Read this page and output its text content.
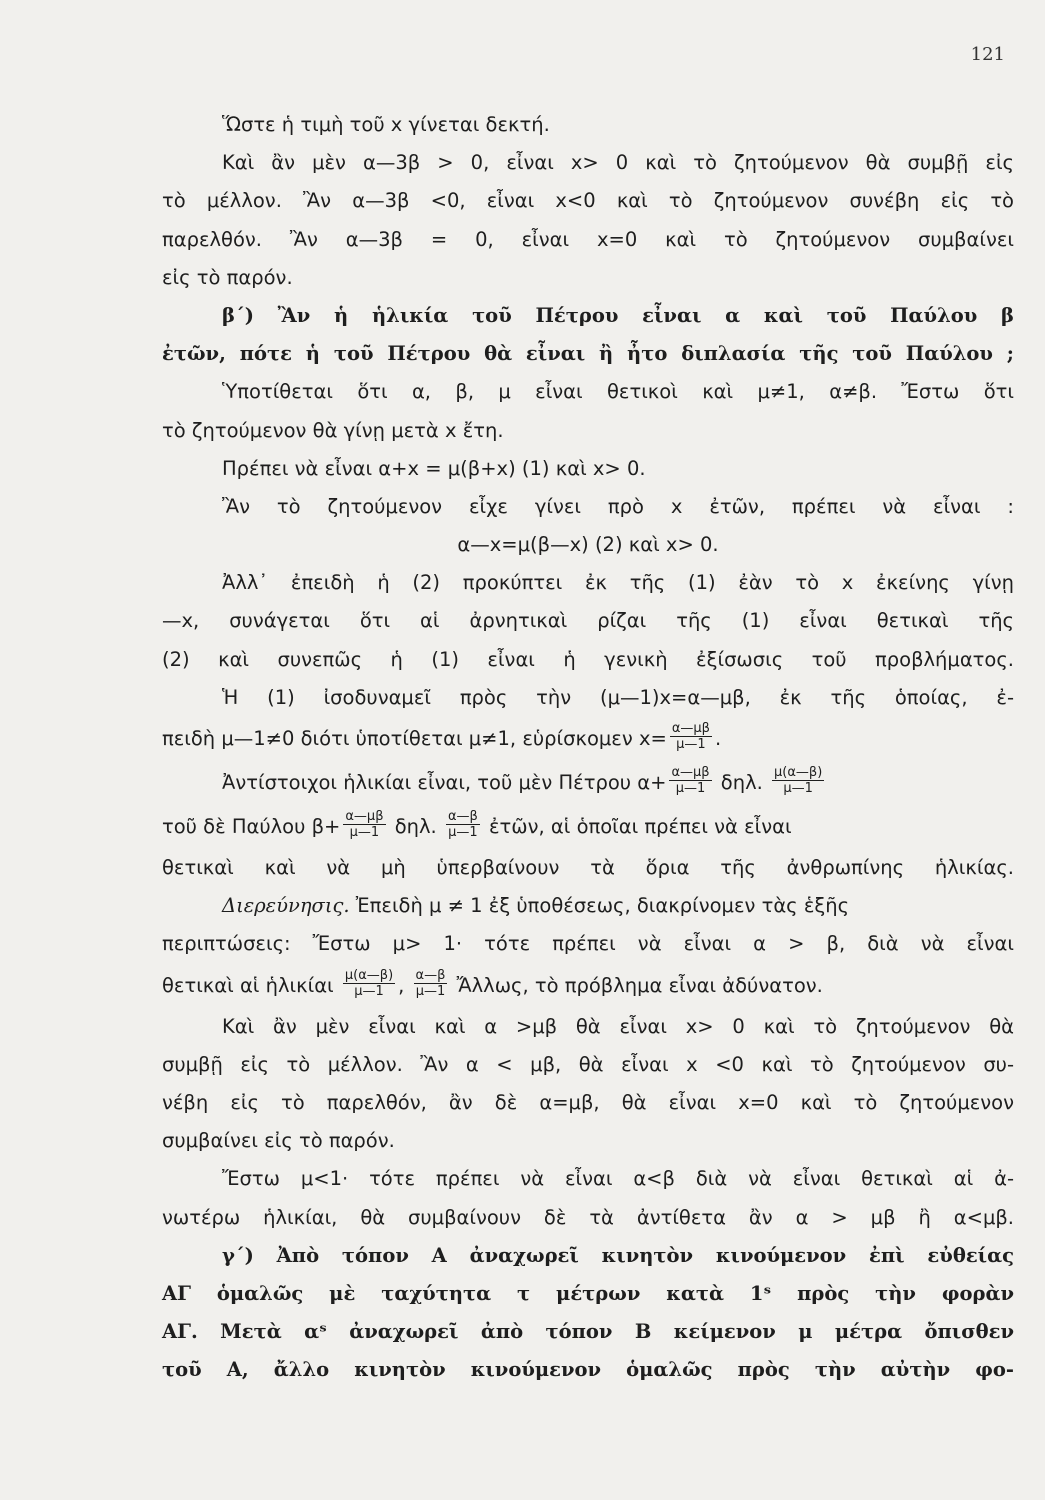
121
Ὥστε ἡ τιμὴ τοῦ x γίνεται δεκτή.
Καὶ ἂν μὲν α—3β > 0, εἶναι x> 0 καὶ τὸ ζητούμενον θὰ συμβῇ εἰς
τὸ μέλλον. Ἂν α—3β <0, εἶναι x<0 καὶ τὸ ζητούμενον συνέβη εἰς τὸ
παρελθόν. Ἂν α—3β = 0, εἶναι x=0 καὶ τὸ ζητούμενον συμβαίνει
εἰς τὸ παρόν.
β΄) Ἂν ἡ ἡλικία τοῦ Πέτρου εἶναι α καὶ τοῦ Παύλου β
ἐτῶν, πότε ἡ τοῦ Πέτρου θὰ εἶναι ἢ ἦτο διπλασία τῆς τοῦ Παύλου ;
Ὑποτίθεται ὅτι α, β, μ εἶναι θετικοὶ καὶ μ≠1, α≠β. Ἔστω ὅτι
τὸ ζητούμενον θὰ γίνῃ μετὰ x ἔτη.
Πρέπει νὰ εἶναι α+x = μ(β+x) (1) καὶ x> 0.
Ἂν τὸ ζητούμενον εἶχε γίνει πρὸ x ἐτῶν, πρέπει νὰ εἶναι :
α—x=μ(β—x) (2) καὶ x> 0.
Ἀλλ᾽ ἐπειδὴ ἡ (2) προκύπτει ἐκ τῆς (1) ἐὰν τὸ x ἐκείνης γίνῃ
—x, συνάγεται ὅτι αἱ ἀρνητικαὶ ρίζαι τῆς (1) εἶναι θετικαὶ τῆς
(2) καὶ συνεπῶς ἡ (1) εἶναι ἡ γενικὴ ἐξίσωσις τοῦ προβλήματος.
Ἡ (1) ἰσοδυναμεῖ πρὸς τὴν (μ—1)x=α—μβ, ἐκ τῆς ὁποίας, ἐ-
πειδὴ μ—1≠0 διότι ὑποτίθεται μ≠1, εὑρίσκομεν $x= \frac{\alpha—\mu\beta}{\mu—1}$ .
Ἀντίστοιχοι ἡλικίαι εἶναι, τοῦ μὲν Πέτρου $\alpha+ \frac{\alpha—\mu\beta}{\mu—1} \delta\eta\lambda$. $\frac{\mu(\alpha—\beta)}{\mu—1}$
τοῦ δὲ Παύλου $\beta+ \frac{\alpha—\mu\beta}{\mu—1} \delta\eta\lambda$. $\frac{\alpha—\beta}{\mu—1}$ ἐτῶν, αἱ ὁποῖαι πρέπει νὰ εἶναι
θετικαὶ καὶ νὰ μὴ ὑπερβαίνουν τὰ ὅρια τῆς ἀνθρωπίνης ἡλικίας.
Διερεύνησις. Ἐπειδὴ μ ≠ 1 ἐξ ὑποθέσεως, διακρίνομεν τὰς ἑξῆς
περιπτώσεις: Ἔστω μ> 1· τότε πρέπει νὰ εἶναι α > β, διὰ νὰ εἶναι
θετικαὶ αἱ ἡλικίαι $\frac{\mu(\alpha—\beta)}{\mu—1}$ , $\frac{\alpha—\beta}{\mu—1}$ Ἄλλως, τὸ πρόβλημα εἶναι ἀδύνατον.
Καὶ ἂν μὲν εἶναι καὶ α >μβ θὰ εἶναι x> 0 καὶ τὸ ζητούμενον θὰ
συμβῇ εἰς τὸ μέλλον. Ἂν α < μβ, θὰ εἶναι x <0 καὶ τὸ ζητούμενον συ-
νέβη εἰς τὸ παρελθόν, ἂν δὲ α=μβ, θὰ εἶναι x=0 καὶ τὸ ζητούμενον
συμβαίνει εἰς τὸ παρόν.
Ἔστω μ<1· τότε πρέπει νὰ εἶναι α<β διὰ νὰ εἶναι θετικαὶ αἱ ἀ-
νωτέρω ἡλικίαι, θὰ συμβαίνουν δὲ τὰ ἀντίθετα ἂν α > μβ ἢ α<μβ.
γ΄) Ἀπὸ τόπον Α ἀναχωρεῖ κινητὸν κινούμενον ἐπὶ εὐθείας
ΑΓ ὁμαλῶς μὲ ταχύτητα τ μέτρων κατὰ 1ˢ πρὸς τὴν φορὰν
ΑΓ. Μετὰ αˢ ἀναχωρεῖ ἀπὸ τόπον Β κείμενον μ μέτρα ὄπισθεν
τοῦ Α, ἄλλο κινητὸν κινούμενον ὁμαλῶς πρὸς τὴν αὐτὴν φο-
